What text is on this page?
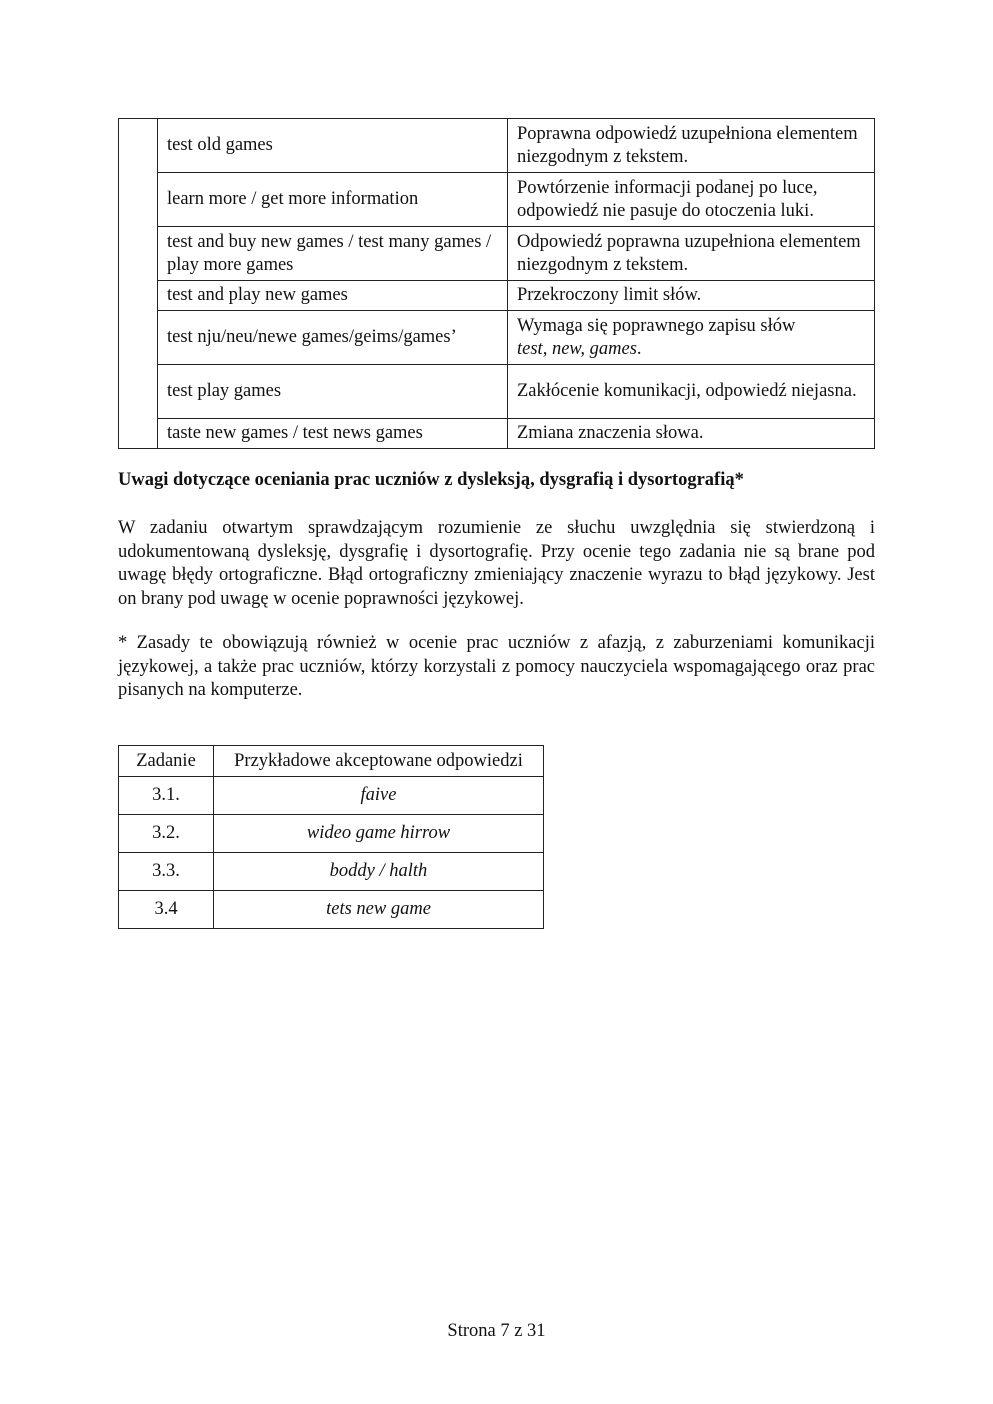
	test old games	Poprawna odpowiedź uzupełniona elementem niezgodnym z tekstem.
	learn more / get more information	Powtórzenie informacji podanej po luce, odpowiedź nie pasuje do otoczenia luki.
	test and buy new games / test many games / play more games	Odpowiedź poprawna uzupełniona elementem niezgodnym z tekstem.
	test and play new games	Przekroczony limit słów.
	test nju/neu/newe games/geims/games’	Wymaga się poprawnego zapisu słów
test, new, games.
	test play games	Zakłócenie komunikacji, odpowiedź niejasna.
	taste new games / test news games	Zmiana znaczenia słowa.
Uwagi dotyczące oceniania prac uczniów z dysleksją, dysgrafią i dysortografią*
W zadaniu otwartym sprawdzającym rozumienie ze słuchu uwzględnia się stwierdzoną i udokumentowaną dysleksję, dysgrafię i dysortografię. Przy ocenie tego zadania nie są brane pod uwagę błędy ortograficzne. Błąd ortograficzny zmieniający znaczenie wyrazu to błąd językowy. Jest on brany pod uwagę w ocenie poprawności językowej.
* Zasady te obowiązują również w ocenie prac uczniów z afazją, z zaburzeniami komunikacji językowej, a także prac uczniów, którzy korzystali z pomocy nauczyciela wspomagającego oraz prac pisanych na komputerze.
Zadanie	Przykładowe akceptowane odpowiedzi
3.1.	faive
3.2.	wideo game hirrow
3.3.	boddy / halth
3.4	tets new game
Strona 7 z 31
